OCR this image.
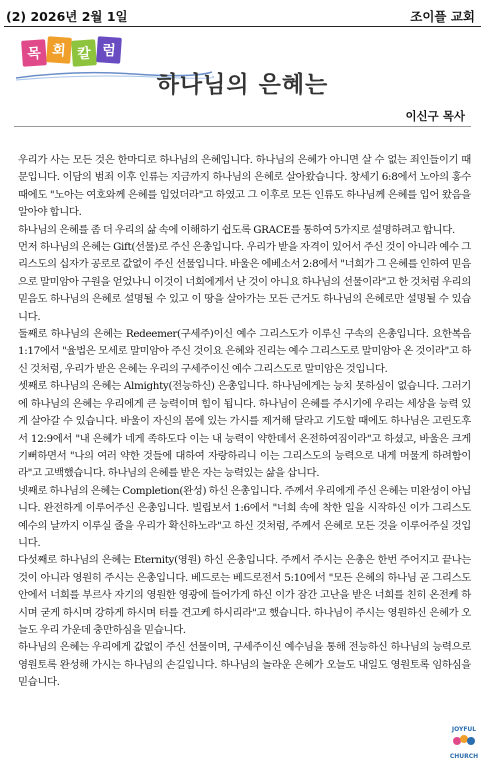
(2) 2026년 2월 1일	조이플 교회
목 회 칼 럼
하나님의 은혜는
이신구 목사

우리가 사는 모든 것은 한마디로 하나님의 은혜입니다. 하나님의 은혜가 아니면 살 수 없는 죄인들이기 때문입니다. 이담의 범죄 이후 인류는 지금까지 하나님의 은혜로 살아왔습니다. 창세기 6:8에서 노아의 홍수때에도 "노아는 여호와께 은혜를 입었더라"고 하였고 그 이후로 모든 인류도 하나님께 은혜를 입어 왔음을 알아야 합니다.

하나님의 은혜를 좀 더 우리의 삶 속에 이해하기 쉽도록 GRACE를 통하여 5가지로 설명하려고 합니다.

먼저 하나님의 은혜는 Gift(선물)로 주신 은총입니다. 우리가 받을 자격이 있어서 주신 것이 아니라 예수 그리스도의 십자가 공로로 값없이 주신 선물입니다. 바울은 에베소서 2:8에서 "너희가 그 은혜를 인하여 믿음으로 말미암아 구원을 얻었나니 이것이 너희에게서 난 것이 아니요 하나님의 선물이라"고 한 것처럼 우리의 믿음도 하나님의 은혜로 설명될 수 있고 이 땅을 살아가는 모든 근거도 하나님의 은혜로만 설명될 수 있습니다.

둘째로 하나님의 은혜는 Redeemer(구세주)이신 예수 그리스도가 이루신 구속의 은총입니다. 요한복음 1:17에서 "율법은 모세로 말미암아 주신 것이요 은혜와 진리는 예수 그리스도로 말미암아 온 것이라"고 하신 것처럼, 우리가 받은 은혜는 우리의 구세주이신 예수 그리스도로 말미암은 것입니다.

셋째로 하나님의 은혜는 Almighty(전능하신) 은총입니다. 하나님에게는 능치 못하심이 없습니다. 그러기에 하나님의 은혜는 우리에게 큰 능력이며 힘이 됩니다. 하나님이 은혜를 주시기에 우리는 세상을 능력 있게 살아갈 수 있습니다. 바울이 자신의 몸에 있는 가시를 제거해 달라고 기도할 때에도 하나님은 고린도후서 12:9에서 "내 은혜가 네게 족하도다 이는 내 능력이 약한데서 온전하여짐이라"고 하셨고, 바울은 크게 기뻐하면서 "나의 여러 약한 것들에 대하여 자랑하리니 이는 그리스도의 능력으로 내게 머물게 하려함이라"고 고백했습니다. 하나님의 은혜를 받은 자는 능력있는 삶을 삽니다.

넷째로 하나님의 은혜는 Completion(완성) 하신 은총입니다. 주께서 우리에게 주신 은혜는 미완성이 아닙니다. 완전하게 이루어주신 은총입니다. 빌립보서 1:6에서 "너희 속에 착한 일을 시작하신 이가 그리스도 예수의 날까지 이루실 줄을 우리가 확신하노라"고 하신 것처럼, 주께서 은혜로 모든 것을 이루어주실 것입니다.

다섯째로 하나님의 은혜는 Eternity(영원) 하신 은총입니다. 주께서 주시는 은총은 한번 주어지고 끝나는 것이 아니라 영원히 주시는 은총입니다. 베드로는 베드로전서 5:10에서 "모든 은혜의 하나님 곧 그리스도 안에서 너희를 부르사 자기의 영원한 영광에 들어가게 하신 이가 잠간 고난을 받은 너희를 친히 온전케 하시며 굳게 하시며 강하게 하시며 터를 견고케 하시리라"고 했습니다. 하나님이 주시는 영원하신 은혜가 오늘도 우리 가운데 충만하심을 믿습니다.

하나님의 은혜는 우리에게 값없이 주신 선물이며, 구세주이신 예수님을 통해 전능하신 하나님의 능력으로 영원토록 완성해 가시는 하나님의 손길입니다. 하나님의 놀라운 은혜가 오늘도 내일도 영원토록 임하심을 믿습니다.

JOYFUL
CHURCH
